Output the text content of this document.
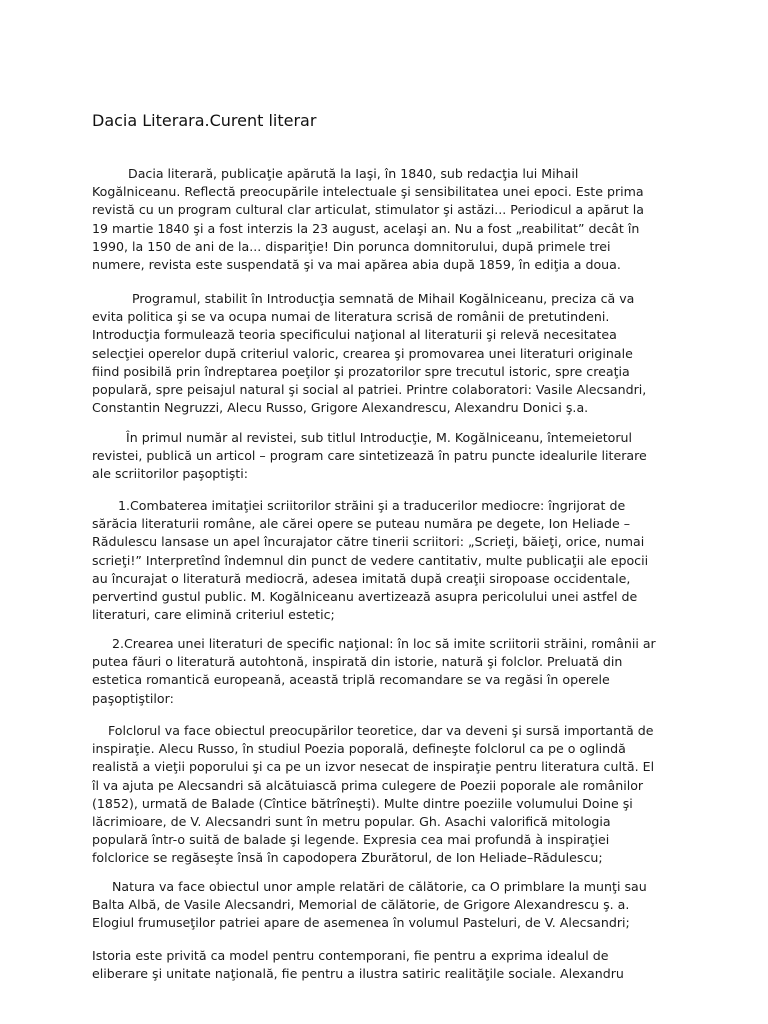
Dacia Literara.Curent literar

Dacia literară, publicaţie apărută la Iaşi, în 1840, sub redacţia lui Mihail
Kogălniceanu. Reflectă preocupările intelectuale şi sensibilitatea unei epoci. Este prima
revistă cu un program cultural clar articulat, stimulator şi astăzi... Periodicul a apărut la
19 martie 1840 şi a fost interzis la 23 august, acelaşi an. Nu a fost „reabilitat” decât în
1990, la 150 de ani de la... dispariţie! Din porunca domnitorului, după primele trei
numere, revista este suspendată şi va mai apărea abia după 1859, în ediţia a doua.

Programul, stabilit în Introducţia semnată de Mihail Kogălniceanu, preciza că va
evita politica şi se va ocupa numai de literatura scrisă de românii de pretutindeni.
Introducţia formulează teoria specificului naţional al literaturii şi relevă necesitatea
selecţiei operelor după criteriul valoric, crearea şi promovarea unei literaturi originale
fiind posibilă prin îndreptarea poeţilor şi prozatorilor spre trecutul istoric, spre creaţia
populară, spre peisajul natural şi social al patriei. Printre colaboratori: Vasile Alecsandri,
Constantin Negruzzi, Alecu Russo, Grigore Alexandrescu, Alexandru Donici ş.a.

În primul număr al revistei, sub titlul Introducţie, M. Kogălniceanu, întemeietorul
revistei, publică un articol – program care sintetizează în patru puncte idealurile literare
ale scriitorilor paşoptişti:

1.Combaterea imitaţiei scriitorilor străini şi a traducerilor mediocre: îngrijorat de
sărăcia literaturii române, ale cărei opere se puteau număra pe degete, Ion Heliade –
Rădulescu lansase un apel încurajator către tinerii scriitori: „Scrieţi, băieţi, orice, numai
scrieţi!” Interpretînd îndemnul din punct de vedere cantitativ, multe publicaţii ale epocii
au încurajat o literatură mediocră, adesea imitată după creaţii siropoase occidentale,
pervertind gustul public. M. Kogălniceanu avertizează asupra pericolului unei astfel de
literaturi, care elimină criteriul estetic;

2.Crearea unei literaturi de specific naţional: în loc să imite scriitorii străini, românii ar
putea făuri o literatură autohtonă, inspirată din istorie, natură şi folclor. Preluată din
estetica romantică europeană, această triplă recomandare se va regăsi în operele
paşoptiştilor:

Folclorul va face obiectul preocupărilor teoretice, dar va deveni şi sursă importantă de
inspiraţie. Alecu Russo, în studiul Poezia poporală, defineşte folclorul ca pe o oglindă
realistă a vieţii poporului şi ca pe un izvor nesecat de inspiraţie pentru literatura cultă. El
îl va ajuta pe Alecsandri să alcătuiască prima culegere de Poezii poporale ale românilor
(1852), urmată de Balade (Cîntice bătrîneşti). Multe dintre poeziile volumului Doine şi
lăcrimioare, de V. Alecsandri sunt în metru popular. Gh. Asachi valorifică mitologia
populară într-o suită de balade şi legende. Expresia cea mai profundă à inspiraţiei
folclorice se regăseşte însă în capodopera Zburătorul, de Ion Heliade–Rădulescu;

Natura va face obiectul unor ample relatări de călătorie, ca O primblare la munţi sau
Balta Albă, de Vasile Alecsandri, Memorial de călătorie, de Grigore Alexandrescu ş. a.
Elogiul frumuseţilor patriei apare de asemenea în volumul Pasteluri, de V. Alecsandri;

Istoria este privită ca model pentru contemporani, fie pentru a exprima idealul de
eliberare şi unitate naţională, fie pentru a ilustra satiric realităţile sociale. Alexandru
